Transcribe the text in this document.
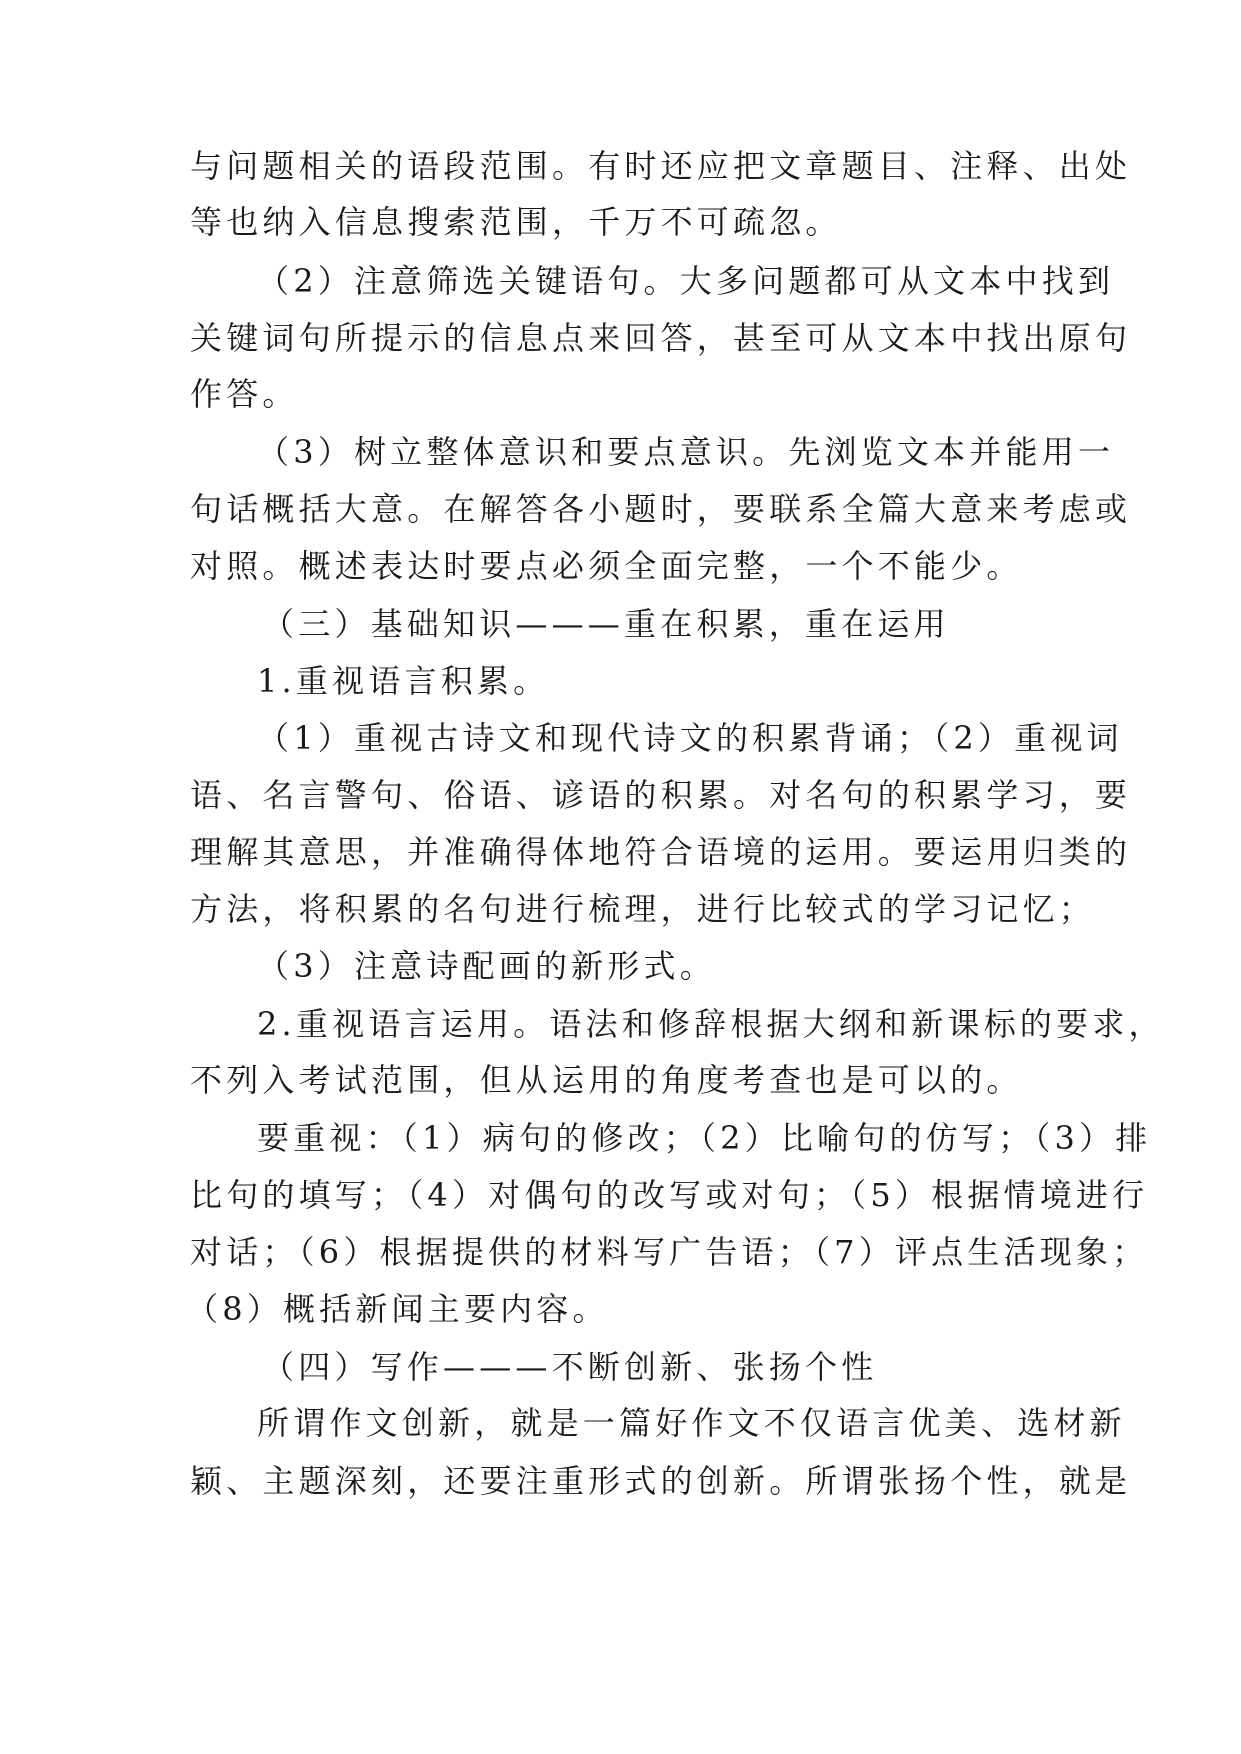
与问题相关的语段范围。有时还应把文章题目、注释、出处
等也纳入信息搜索范围，千万不可疏忽。
（2）注意筛选关键语句。大多问题都可从文本中找到
关键词句所提示的信息点来回答，甚至可从文本中找出原句
作答。
（3）树立整体意识和要点意识。先浏览文本并能用一
句话概括大意。在解答各小题时，要联系全篇大意来考虑或
对照。概述表达时要点必须全面完整，一个不能少。
（三）基础知识———重在积累，重在运用
1.重视语言积累。
（1）重视古诗文和现代诗文的积累背诵；（2）重视词
语、名言警句、俗语、谚语的积累。对名句的积累学习，要
理解其意思，并准确得体地符合语境的运用。要运用归类的
方法，将积累的名句进行梳理，进行比较式的学习记忆；
（3）注意诗配画的新形式。
2.重视语言运用。语法和修辞根据大纲和新课标的要求，
不列入考试范围，但从运用的角度考查也是可以的。
要重视：（1）病句的修改；（2）比喻句的仿写；（3）排
比句的填写；（4）对偶句的改写或对句；（5）根据情境进行
对话；（6）根据提供的材料写广告语；（7）评点生活现象；
（8）概括新闻主要内容。
（四）写作———不断创新、张扬个性
所谓作文创新，就是一篇好作文不仅语言优美、选材新
颖、主题深刻，还要注重形式的创新。所谓张扬个性，就是
